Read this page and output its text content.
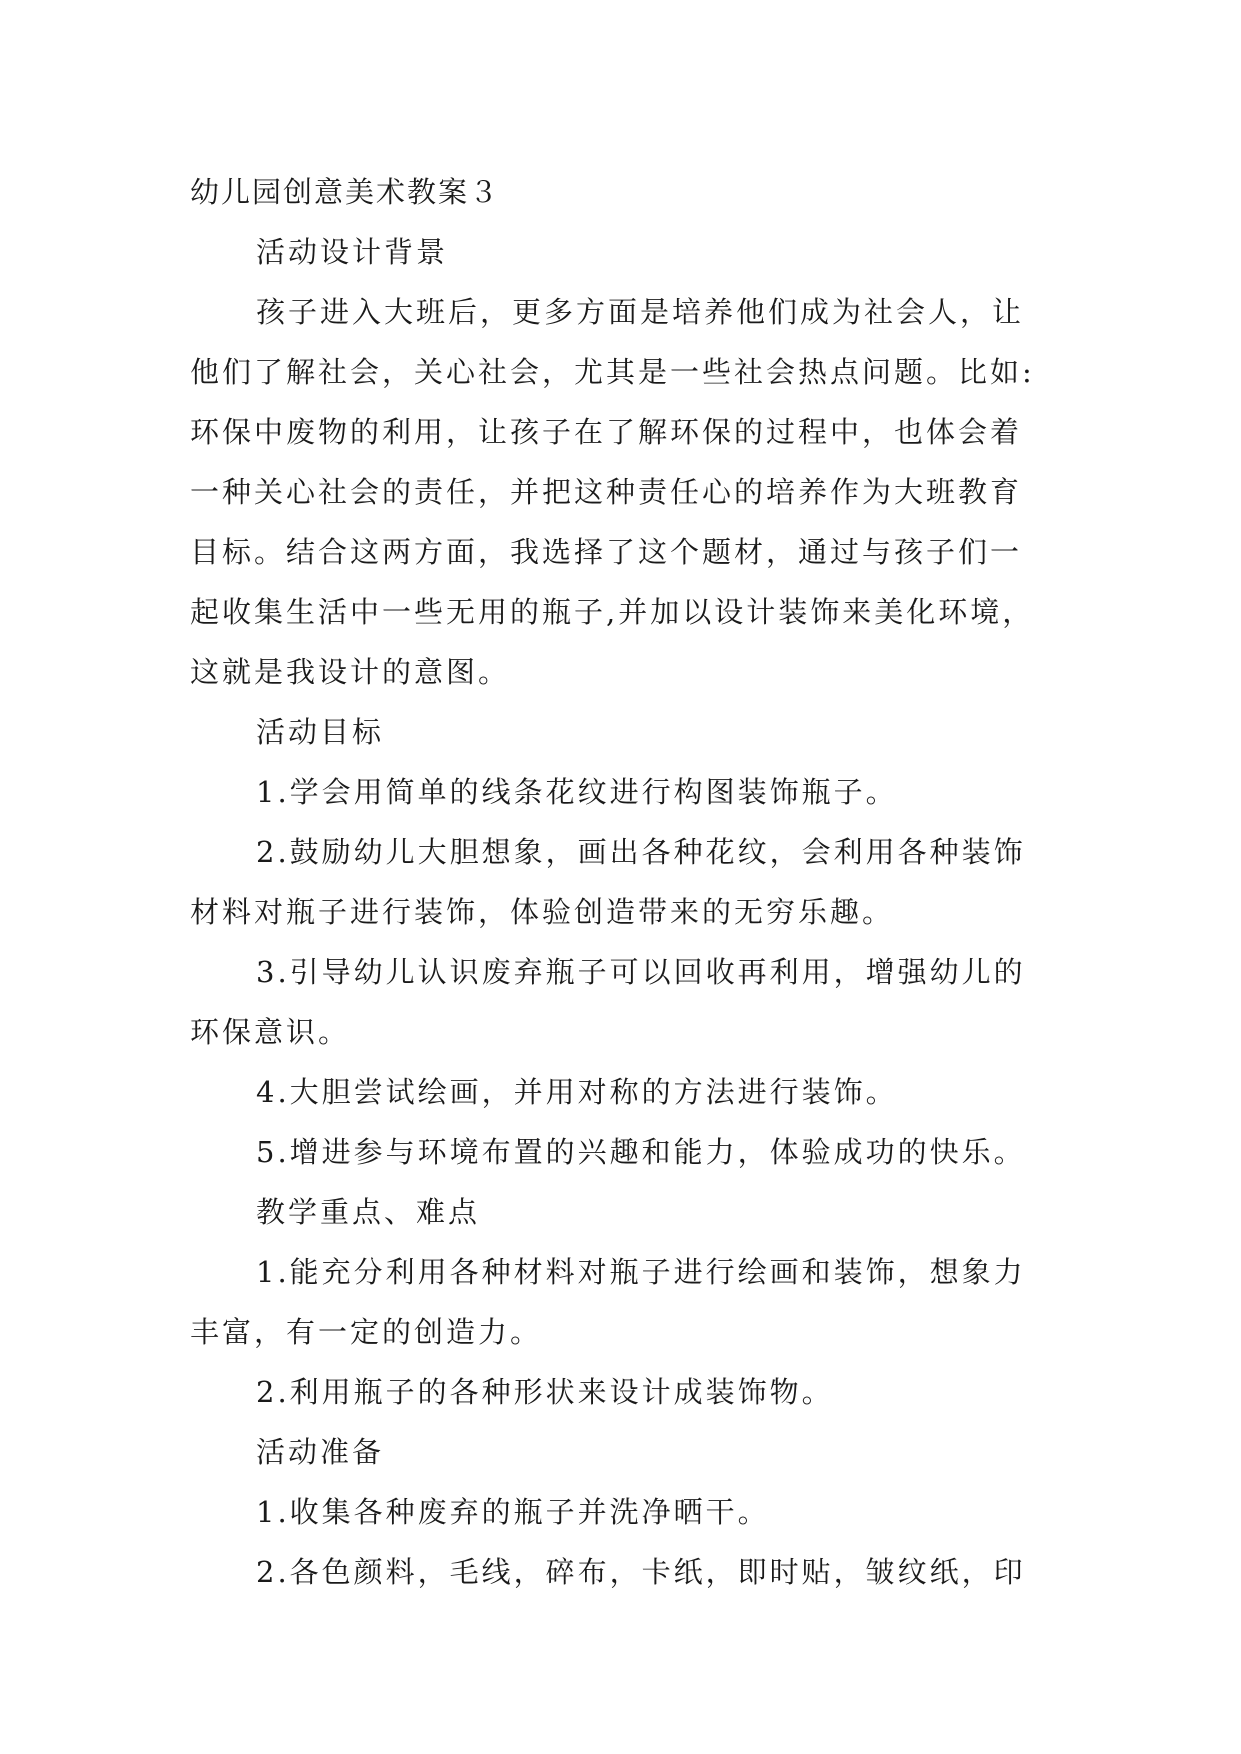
幼儿园创意美术教案３
活动设计背景
孩子进入大班后，更多方面是培养他们成为社会人，让
他们了解社会，关心社会，尤其是一些社会热点问题。比如:
环保中废物的利用，让孩子在了解环保的过程中，也体会着
一种关心社会的责任，并把这种责任心的培养作为大班教育
目标。结合这两方面，我选择了这个题材，通过与孩子们一
起收集生活中一些无用的瓶子,并加以设计装饰来美化环境，
这就是我设计的意图。
活动目标
1.学会用简单的线条花纹进行构图装饰瓶子。
2.鼓励幼儿大胆想象，画出各种花纹，会利用各种装饰
材料对瓶子进行装饰，体验创造带来的无穷乐趣。
3.引导幼儿认识废弃瓶子可以回收再利用，增强幼儿的
环保意识。
4.大胆尝试绘画，并用对称的方法进行装饰。
5.增进参与环境布置的兴趣和能力，体验成功的快乐。
教学重点、难点
1.能充分利用各种材料对瓶子进行绘画和装饰，想象力
丰富，有一定的创造力。
2.利用瓶子的各种形状来设计成装饰物。
活动准备
1.收集各种废弃的瓶子并洗净晒干。
2.各色颜料，毛线，碎布，卡纸，即时贴，皱纹纸，印
